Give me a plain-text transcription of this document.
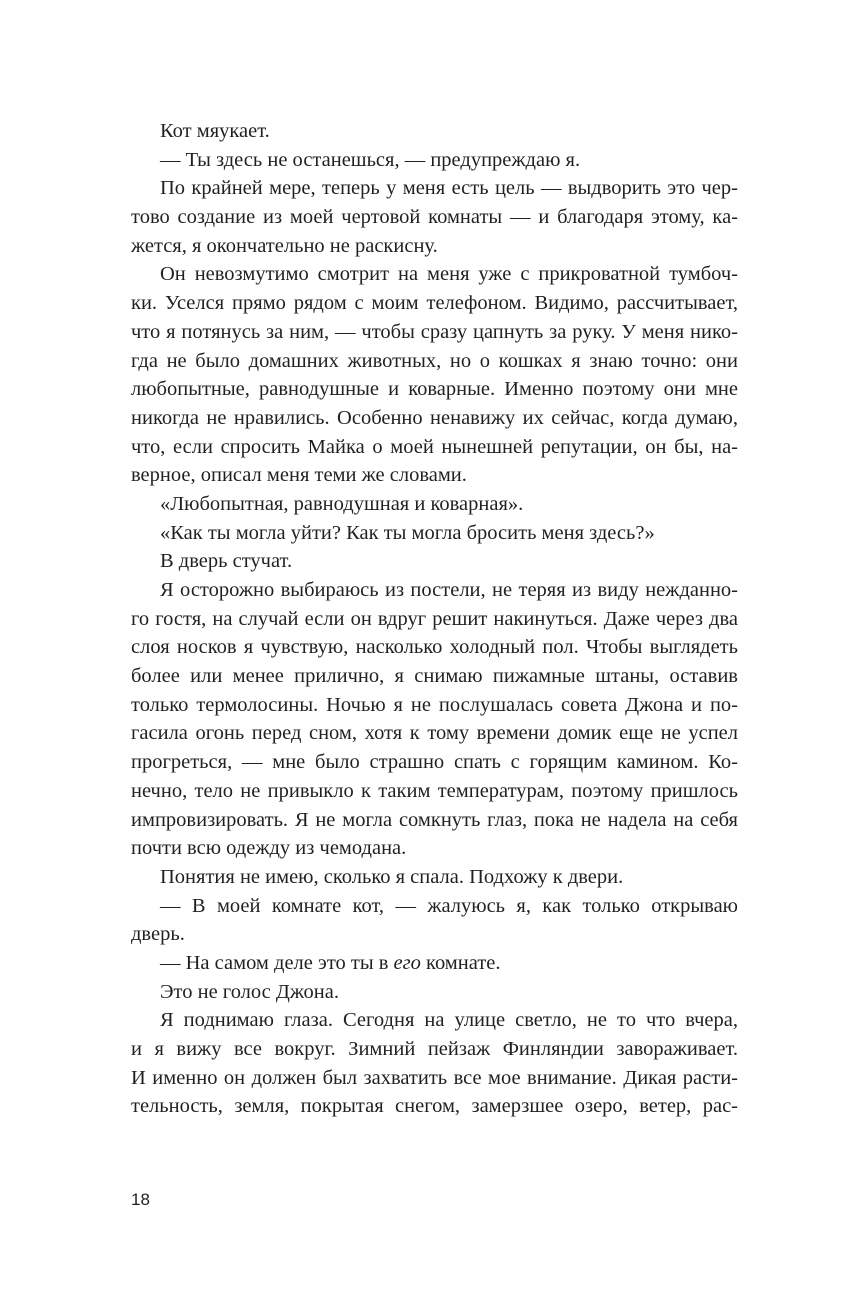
Кот мяукает.
— Ты здесь не останешься, — предупреждаю я.
По крайней мере, теперь у меня есть цель — выдворить это чер-
тово создание из моей чертовой комнаты — и благодаря этому, ка-
жется, я окончательно не раскисну.
Он невозмутимо смотрит на меня уже с прикроватной тумбоч-
ки. Уселся прямо рядом с моим телефоном. Видимо, рассчитывает,
что я потянусь за ним, — чтобы сразу цапнуть за руку. У меня нико-
гда не было домашних животных, но о кошках я знаю точно: они
любопытные, равнодушные и коварные. Именно поэтому они мне
никогда не нравились. Особенно ненавижу их сейчас, когда думаю,
что, если спросить Майка о моей нынешней репутации, он бы, на-
верное, описал меня теми же словами.
«Любопытная, равнодушная и коварная».
«Как ты могла уйти? Как ты могла бросить меня здесь?»
В дверь стучат.
Я осторожно выбираюсь из постели, не теряя из виду нежданно-
го гостя, на случай если он вдруг решит накинуться. Даже через два
слоя носков я чувствую, насколько холодный пол. Чтобы выглядеть
более или менее прилично, я снимаю пижамные штаны, оставив
только термолосины. Ночью я не послушалась совета Джона и по-
гасила огонь перед сном, хотя к тому времени домик еще не успел
прогреться, — мне было страшно спать с горящим камином. Ко-
нечно, тело не привыкло к таким температурам, поэтому пришлось
импровизировать. Я не могла сомкнуть глаз, пока не надела на себя
почти всю одежду из чемодана.
Понятия не имею, сколько я спала. Подхожу к двери.
— В моей комнате кот, — жалуюсь я, как только открываю
дверь.
— На самом деле это ты в его комнате.
Это не голос Джона.
Я поднимаю глаза. Сегодня на улице светло, не то что вчера,
и я вижу все вокруг. Зимний пейзаж Финляндии завораживает.
И именно он должен был захватить все мое внимание. Дикая расти-
тельность, земля, покрытая снегом, замерзшее озеро, ветер, рас-
18
